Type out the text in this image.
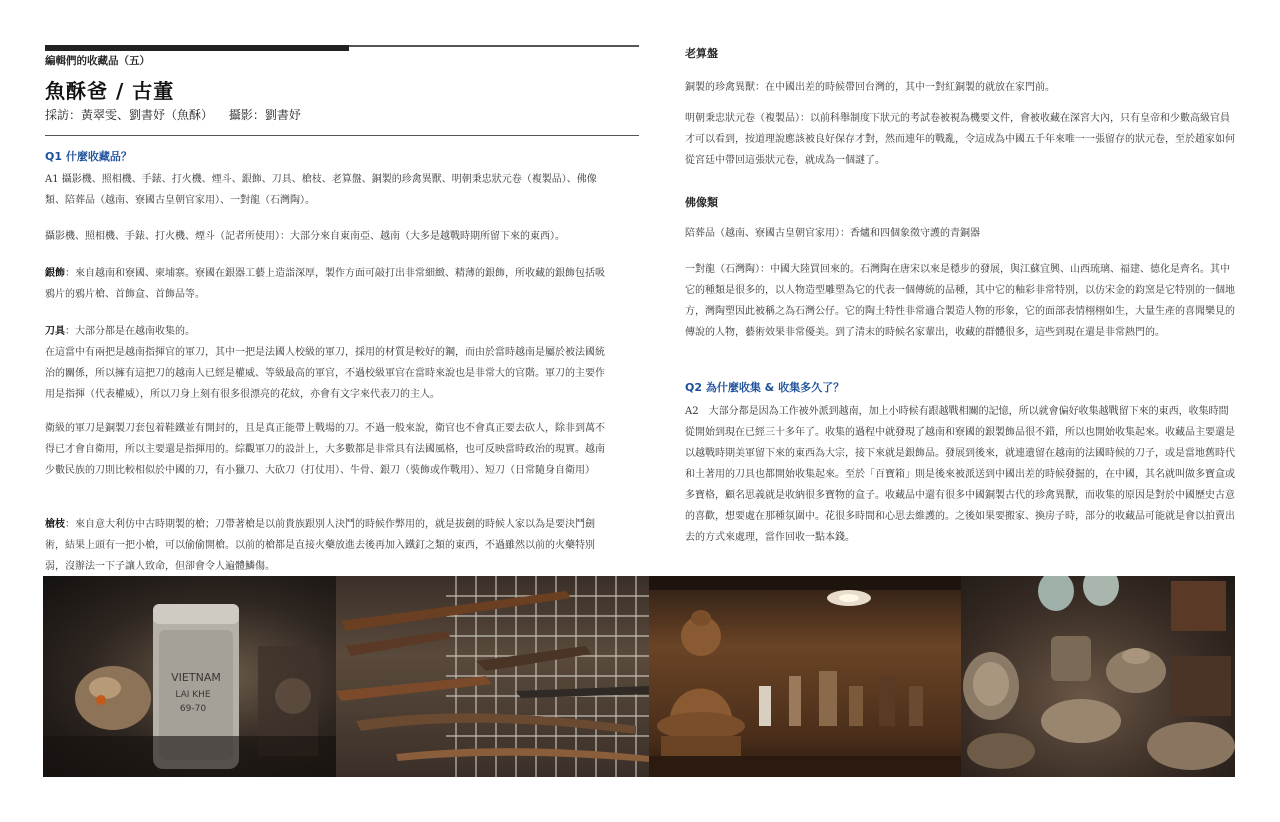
編輯們的收藏品（五）
魚酥爸 / 古董
採訪：黃翠雯、劉書妤（魚酥） 攝影：劉書妤
Q1 什麼收藏品？

A1 攝影機、照相機、手錶、打火機、煙斗、銀飾、刀具、槍枝、老算盤、銅製的珍禽異獸、明朝秉忠狀元卷（複製品）、佛像類、陪葬品（越南、寮國古皇朝官家用）、一對龍（石灣陶）。

攝影機、照相機、手錶、打火機、煙斗（記者所使用）：大部分來自東南亞、越南（大多是越戰時期所留下來的東西）。

銀飾：來自越南和寮國、柬埔寨。寮國在銀器工藝上造詣深厚，製作方面可敲打出非常細緻、精薄的銀飾，所收藏的銀飾包括吸鴉片的鴉片槍、首飾盒、首飾品等。

刀具：大部分都是在越南收集的。

在這當中有兩把是越南指揮官的軍刀，其中一把是法國人校級的軍刀，採用的材質是較好的鋼，而由於當時越南是屬於被法國統治的關係，所以擁有這把刀的越南人已經是權威、等級最高的軍官，不過校級軍官在當時來說也是非常大的官階。軍刀的主要作用是指揮（代表權威），所以刀身上刻有很多很漂亮的花紋，亦會有文字來代表刀的主人。

衛級的軍刀是銅製刀套包着鞋鐵並有開封的，且是真正能帶上戰場的刀。不過一般來說，衛官也不會真正要去砍人，除非到萬不得已才會自衛用，所以主要還是指揮用的。綜觀軍刀的設計上，大多數都是非常具有法國風格，也可反映當時政治的現實。越南少數民族的刀則比較相似於中國的刀，有小獵刀、大砍刀（打仗用）、牛骨、銀刀（裝飾或作戰用）、短刀（日常隨身自衛用）

槍枝：來自意大利仿中古時期製的槍；刀帶著槍是以前貴族跟別人決鬥的時候作弊用的，就是拔劍的時候人家以為是要決鬥劍術，結果上頭有一把小槍，可以偷偷開槍。以前的槍都是直接火藥放進去後再加入鐵釘之類的東西，不過雖然以前的火藥特別弱，沒辦法一下子讓人致命，但卻會令人遍體鱗傷。

老算盤

銅製的珍禽異獸：在中國出差的時候帶回台灣的，其中一對紅銅製的就放在家門前。

明朝秉忠狀元卷（複製品）：以前科舉制度下狀元的考試卷被視為機要文件，會被收藏在深宮大內，只有皇帝和少數高級官員才可以看到，按道理說應該被良好保存才對，然而連年的戰亂，令這成為中國五千年來唯一一張留存的狀元卷，至於趙家如何從宮廷中帶回這張狀元卷，就成為一個謎了。

佛像類

陪葬品（越南、寮國古皇朝官家用）：香爐和四個象徵守護的青銅器

一對龍（石灣陶）：中國大陸買回來的。石灣陶在唐宋以來是穩步的發展，與江蘇宜興、山西琉璃、福建、德化是齊名。其中它的種類是很多的，以人物造型雕塑為它的代表一個傳統的品種，其中它的釉彩非常特別，以仿宋金的鈞窯是它特別的一個地方，灣陶塑因此被稱之為石灣公仔。它的陶土特性非常適合製造人物的形象，它的面部表情栩栩如生，大量生產的喜聞樂見的傳說的人物，藝術效果非常優美。到了清末的時候名家輩出，收藏的群體很多，這些到現在還是非常熱門的。

Q2 為什麼收集 & 收集多久了？

A2　大部分都是因為工作被外派到越南，加上小時候有跟越戰相關的記憶，所以就會偏好收集越戰留下來的東西，收集時間從開始到現在已經三十多年了。收集的過程中就發現了越南和寮國的銀製飾品很不錯，所以也開始收集起來。收藏品主要還是以越戰時期美軍留下來的東西為大宗，接下來就是銀飾品。發展到後來，就連遺留在越南的法國時候的刀子，或是當地舊時代和土著用的刀具也都開始收集起來。至於「百寶箱」則是後來被派送到中國出差的時候發掘的，在中國，其名就叫做多寶盒或多寶格，顧名思義就是收納很多寶物的盒子。收藏品中還有很多中國銅製古代的珍禽異獸，而收集的原因是對於中國歷史古意的喜歡，想要處在那種氛圍中。花很多時間和心思去維護的。之後如果要搬家、換房子時，部分的收藏品可能就是會以拍賣出去的方式來處理，當作回收一點本錢。

VIETNAM
LAI KHE
69-70
